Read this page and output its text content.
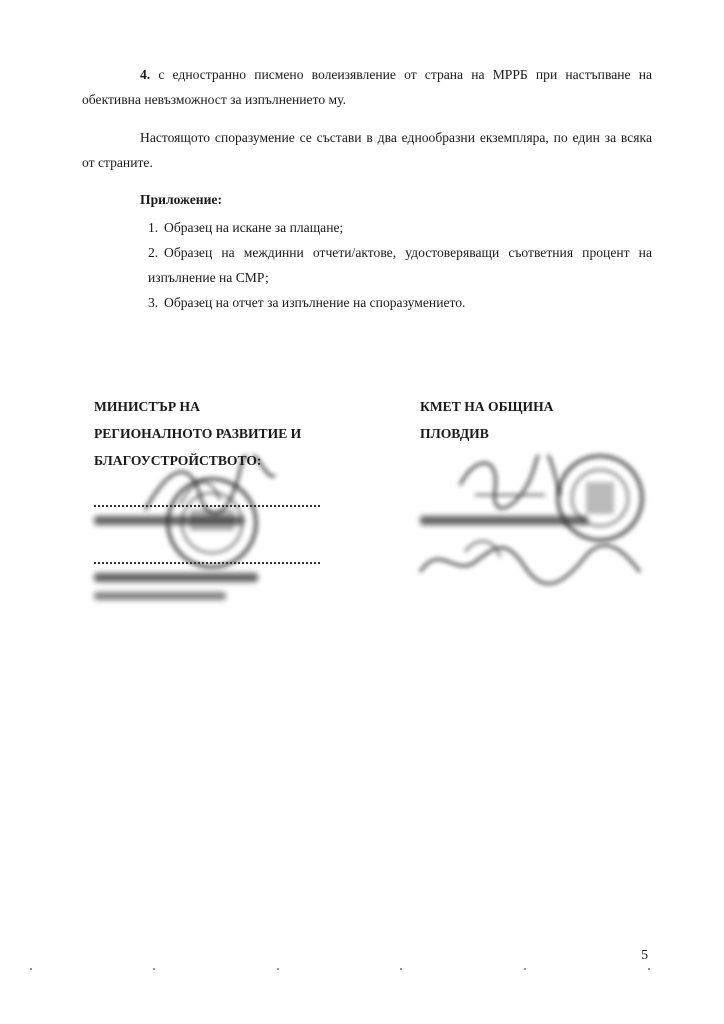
4. с едностранно писмено волеизявление от страна на МРРБ при настъпване на обективна невъзможност за изпълнението му.

Настоящото споразумение се състави в два еднообразни екземпляра, по един за всяка от страните.

Приложение:

1. Образец на искане за плащане;
2. Образец на междинни отчети/актове, удостоверяващи съответния процент на изпълнение на СМР;
3. Образец на отчет за изпълнение на споразумението.
МИНИСТЪР НА
РЕГИОНАЛНОТО РАЗВИТИЕ И
БЛАГОУСТРОЙСТВОТО:
КМЕТ НА ОБЩИНА
ПЛОВДИВ
5
